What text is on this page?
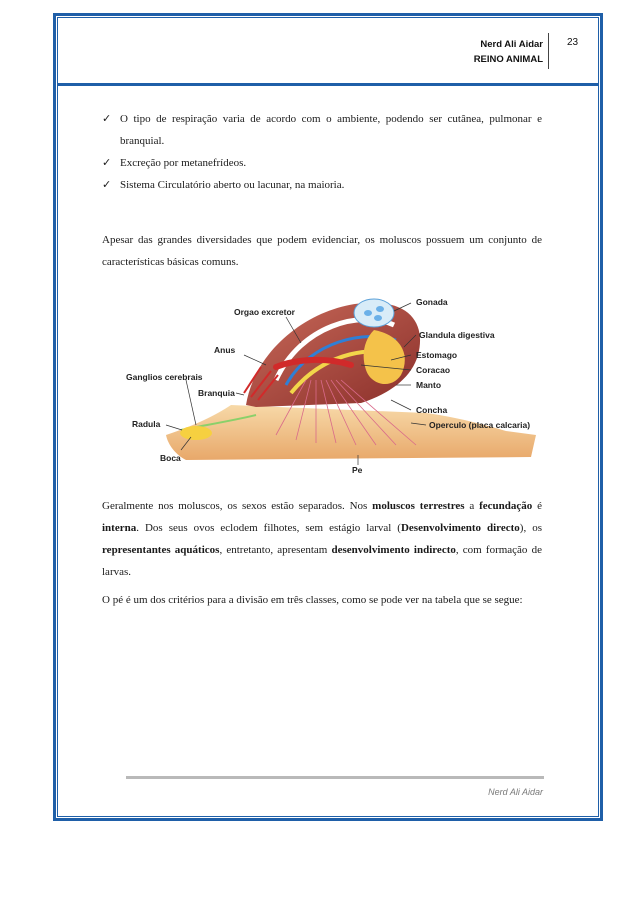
Nerd Ali Aidar
REINO ANIMAL
23
✓ O tipo de respiração varia de acordo com o ambiente, podendo ser cutânea, pulmonar e branquial.
✓ Excreção por metanefrídeos.
✓ Sistema Circulatório aberto ou lacunar, na maioria.

Apesar das grandes diversidades que podem evidenciar, os moluscos possuem um conjunto de características básicas comuns.

Orgao excretor
Gonada
Glandula digestiva
Anus	Estomago
Coracao
Ganglios cerebrais
Manto
Branquia
Concha
Radula	Operculo (placa calcaria)
Boca
Pe

Geralmente nos moluscos, os sexos estão separados. Nos moluscos terrestres a fecundação é interna. Dos seus ovos eclodem filhotes, sem estágio larval (Desenvolvimento directo), os representantes aquáticos, entretanto, apresentam desenvolvimento indirecto, com formação de larvas.

O pé é um dos critérios para a divisão em três classes, como se pode ver na tabela que se segue:

Nerd Ali Aidar
